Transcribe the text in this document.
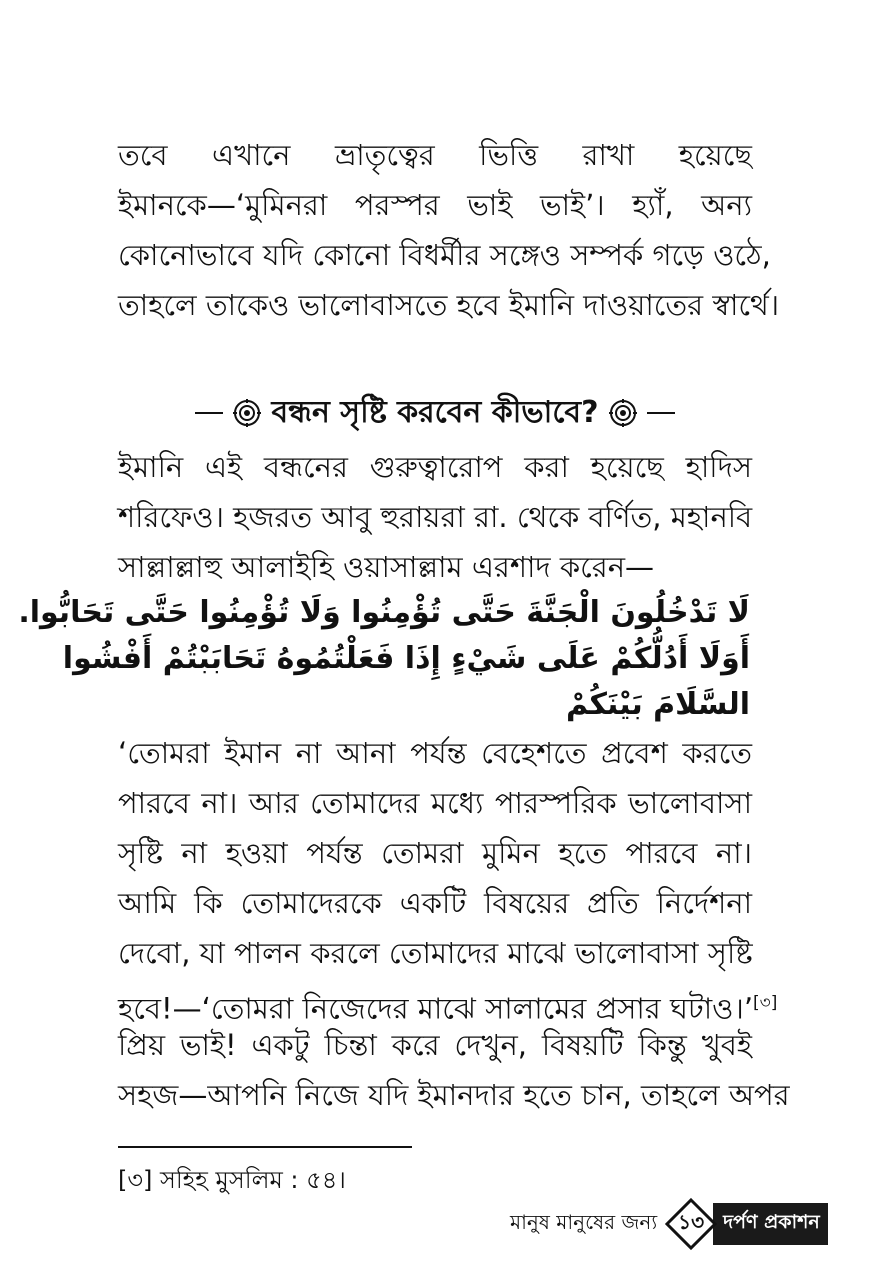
তবে এখানে ভ্রাতৃত্বের ভিত্তি রাখা হয়েছে
ইমানকে—‘মুমিনরা পরস্পর ভাই ভাই’। হ্যাঁ, অন্য
কোনোভাবে যদি কোনো বিধর্মীর সঙ্গেও সম্পর্ক গড়ে ওঠে,
তাহলে তাকেও ভালোবাসতে হবে ইমানি দাওয়াতের স্বার্থে।
বন্ধন সৃষ্টি করবেন কীভাবে?
ইমানি এই বন্ধনের গুরুত্বারোপ করা হয়েছে হাদিস
শরিফেও। হজরত আবু হুরায়রা রা. থেকে বর্ণিত, মহানবি
সাল্লাল্লাহু আলাইহি ওয়াসাল্লাম এরশাদ করেন—
لَا تَدْخُلُونَ الْجَنَّةَ حَتَّى تُؤْمِنُوا وَلَا تُؤْمِنُوا حَتَّى تَحَابُّوا.
أَوَلَا أَدُلُّكُمْ عَلَى شَيْءٍ إِذَا فَعَلْتُمُوهُ تَحَابَبْتُمْ أَفْشُوا
السَّلَامَ بَيْنَكُمْ
‘তোমরা ইমান না আনা পর্যন্ত বেহেশতে প্রবেশ করতে
পারবে না। আর তোমাদের মধ্যে পারস্পরিক ভালোবাসা
সৃষ্টি না হওয়া পর্যন্ত তোমরা মুমিন হতে পারবে না।
আমি কি তোমাদেরকে একটি বিষয়ের প্রতি নির্দেশনা
দেবো, যা পালন করলে তোমাদের মাঝে ভালোবাসা সৃষ্টি
হবে!—‘তোমরা নিজেদের মাঝে সালামের প্রসার ঘটাও।’[৩]
প্রিয় ভাই! একটু চিন্তা করে দেখুন, বিষয়টি কিন্তু খুবই
সহজ—আপনি নিজে যদি ইমানদার হতে চান, তাহলে অপর
[৩] সহিহ মুসলিম : ৫৪।
মানুষ মানুষের জন্য	১৩	দর্পণ প্রকাশন
